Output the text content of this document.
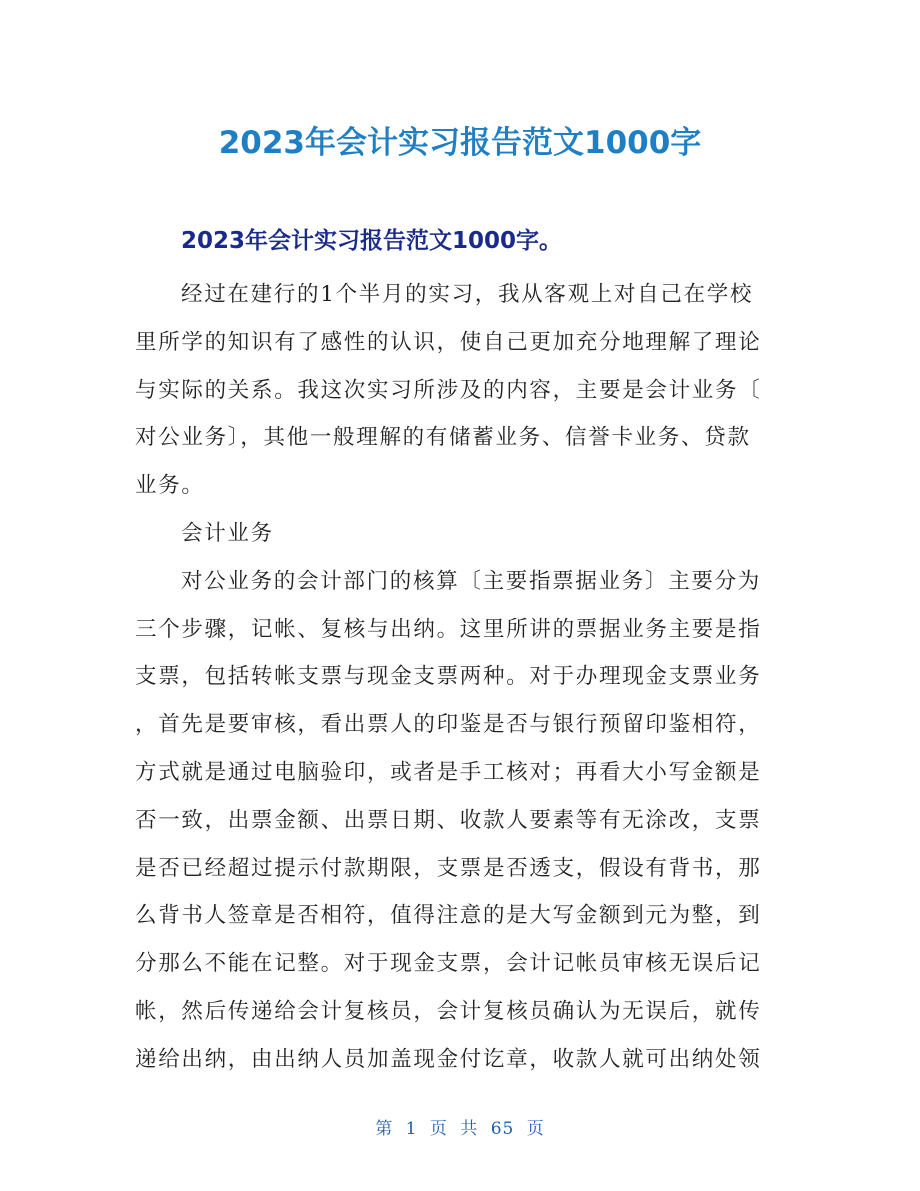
2023年会计实习报告范文1000字
2023年会计实习报告范文1000字。
经过在建行的1个半月的实习，我从客观上对自己在学校
里所学的知识有了感性的认识，使自己更加充分地理解了理论
与实际的关系。我这次实习所涉及的内容，主要是会计业务〔
对公业务〕，其他一般理解的有储蓄业务、信誉卡业务、贷款
业务。
会计业务
对公业务的会计部门的核算〔主要指票据业务〕主要分为
三个步骤，记帐、复核与出纳。这里所讲的票据业务主要是指
支票，包括转帐支票与现金支票两种。对于办理现金支票业务
，首先是要审核，看出票人的印鉴是否与银行预留印鉴相符，
方式就是通过电脑验印，或者是手工核对；再看大小写金额是
否一致，出票金额、出票日期、收款人要素等有无涂改，支票
是否已经超过提示付款期限，支票是否透支，假设有背书，那
么背书人签章是否相符，值得注意的是大写金额到元为整，到
分那么不能在记整。对于现金支票，会计记帐员审核无误后记
帐，然后传递给会计复核员，会计复核员确认为无误后，就传
递给出纳，由出纳人员加盖现金付讫章，收款人就可出纳处领
第 1 页 共 65 页
